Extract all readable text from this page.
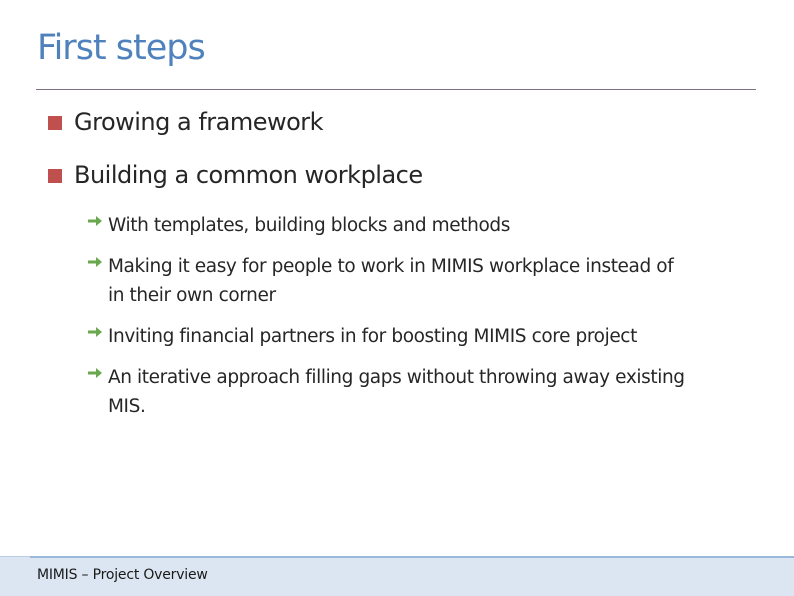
First steps
Growing a framework
Building a common workplace
With templates, building blocks and methods
Making it easy for people to work in MIMIS workplace instead of
in their own corner
Inviting financial partners in for boosting MIMIS core project
An iterative approach filling gaps without throwing away existing
MIS.
MIMIS – Project Overview
